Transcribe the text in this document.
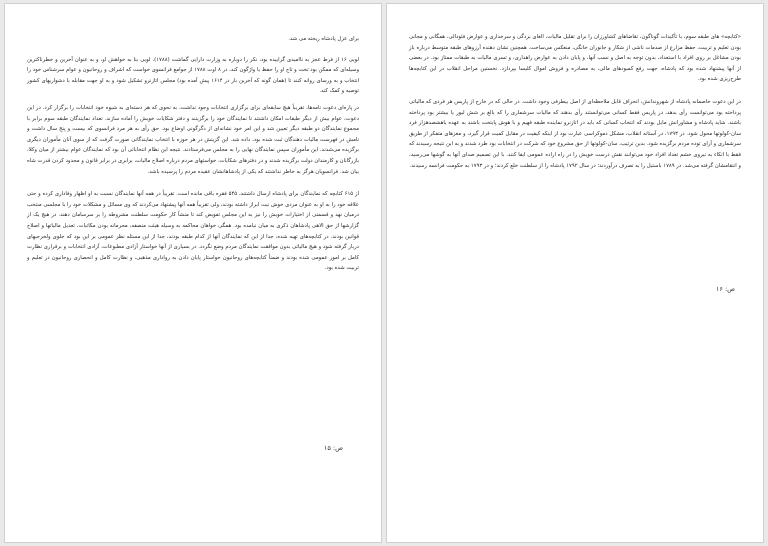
برای عزل پادشاه ریخته می شد.

لویی ۱۶ از فرط عجز به ناامیدی گراییده بود، نکر را دوباره به وزارت دارایی گماشت (۱۷۸۸). لویی بنا به خواهش او، و به عنوان آخرین و خطرناکترین وسیله‌ای که ممکن بود تخت و تاج او را حفظ یا واژگون کند، در ۸ اوت ۱۷۸۸ از جوامع فرانسوی خواست که اشراف و روحانیون و عوام سرشناس خود را انتخاب و به ورسای روانه کنند تا (همان گونه که آخرین بار در ۱۶۱۴ پیش آمده بود) مجلس اتازنرو تشکیل شود و به او جهت مقابله با دشواریهای کشور توصیه و کمک کند.

در پاره‌ای دعوت نامه‌ها، تقریباً هیچ سابقه‌ای برای برگزاری انتخابات وجود نداشت، به نحوی که هر دسته‌ای به شیوه خود انتخابات را برگزار کرد. در این دعوت، عوام بیش از دیگر طبقات امکان داشتند تا نمایندگان خود را برگزینند و دفتر شکایات خویش را آماده سازند. تعداد نمایندگان طبقه سوم برابر با مجموع نمایندگان دو طبقه دیگر تعیین شد و این امر خود نشانه‌ای از دگرگونی اوضاع بود. حق رأی به هر مرد فرانسوی که بیست و پنج سال داشت و نامش در فهرست مالیات دهندگان ثبت شده بود، داده شد. این گزینش در هر حوزه با انتخاب نمایندگانی صورت گرفت که از سوی آنان مأموران دیگری برگزیده می‌شدند. این مأموران سپس نمایندگان نهایی را به مجلس می‌فرستادند. نتیجه این نظام انتخاباتی آن بود که نمایندگان عوام بیشتر از میان وکلا، بازرگانان و کارمندان دولت برگزیده شدند و در دفترهای شکایات، خواستهای مردم درباره اصلاح مالیات، برابری در برابر قانون و محدود کردن قدرت شاه بیان شد. فرانسویان هرگز به خاطر نداشتند که یکی از پادشاهانشان عقیده مردم را پرسیده باشد.

از ۶۱۵ کتابچه که نمایندگان برای پادشاه ارسال داشتند، ۵۴۵ فقره باقی مانده است. تقریباً در همه آنها نمایندگان نسبت به او اظهار وفاداری کرده و حتی علاقه خود را به او به عنوان مردی خوش نیت ابراز داشته بودند، ولی تقریباً همه آنها پیشنهاد می‌کردند که وی مسائل و مشکلات خود را با مجلسی منتخب درمیان نهد و قسمتی از اختیارات خویش را نیز به این مجلس تفویض کند تا منشاً کار حکومت سلطنت مشروطه را بر سرسامان دهند. در هیچ یک از گزارشها از حق الاهی پادشاهان ذکری به میان نیامده بود. همگی خواهان محاکمه به وسیله هیئت منصفه، محرمانه بودن مکاتبات، تعدیل مالیاتها و اصلاح قوانین بودند. در کتابچه‌های تهیه شده، جدا از این که نمایندگان آنها از کدام طبقه بودند، جدا از این مسئله نظر عمومی بر این بود که جلوی ولخرجیهای دربار گرفته شود و هیچ مالیاتی بدون موافقت نمایندگان مردم وضع نگردد. در بسیاری از آنها خواستار آزادی مطبوعات، آزادی انتخابات و برقراری نظارت کامل بر امور عمومی شده بودند و ضمناً کتابچه‌های روحانیون خواستار پایان دادن به رواداری مذهبی، و نظارت کامل و انحصاری روحانیون در تعلیم و تربیت شده بود.

ص: ۱۵

«کتابچه» های طبقه سوم، با تأکیدات گوناگون، تقاضاهای کشاورزان را برای تقلیل مالیات، الغای بردگی و سرخداری و عوارض فئودالی، همگانی و مجانی بودن تعلیم و تربیت، حفظ مزارع از صدمات ناشی از شکار و جانوران خانگی، منعکس می‌ساخت. همچنین نشان دهنده آرزوهای طبقه متوسط درباره باز بودن مشاغل بر روی افراد با استعداد، بدون توجه به اصل و نسب آنها، و پایان دادن به عوارض راهداری، و تسری مالیات به طبقات ممتاز بود. در بعضی از آنها پیشنهاد شده بود که پادشاه، جهت رفع کمبودهای مالی، به مصادره و فروش اموال کلیسا بپردازد. نخستین مراحل انقلاب در این کتابچه‌ها طرح‌ریزی شده بود.

در این دعوت خاصمانه پادشاه از شهروندانش، انحراف قابل ملاحظه‌ای از اصل بیطرفی وجود داشت. در حالی که در خارج از پاریس هر فردی که مالیاتی پرداخته بود می‌توانست رأی بدهد، در پاریس فقط کسانی می‌توانستند رأی بدهند که مالیات سرشماری را که بالغ بر شش لیور یا بیشتر بود پرداخته باشند. شاید پادشاه و مشاورانش مایل بودند که انتخاب کسانی که باید در اتازنرو نماینده طبقه فهیم و با هوش پایتخت باشند به عهده یاهشصدهزار فرد سان-کولوتها محول شود. در ۱۷۹۳، در آستانه انقلاب، مشکل دموکراسی عبارت بود از اینکه کیفیت در مقابل کمیت قرار گیرد، و مغزهای متفکر از طریق سرشماری و آرای توده مردم برگزیده شود. بدین ترتیب، سان-کولوتها از حق مشروع خود که شرکت در انتخابات بود طرد شدند و به این نتیجه رسیدند که فقط با اتکاء به نیروی خشم تعداد افراد خود می‌توانند نقش درست خویش را در راه اراده عمومی ایفا کنند. با این تصمیم صدای آنها به گوشها می‌رسید، و انتقامشان گرفته می‌شد. در ۱۷۸۹ باستیل را به تصرف درآوردند؛ در سال ۱۷۹۲ پادشاه را از سلطنت خلع کردند؛ و در ۱۷۹۳ به حکومت فرانسه رسیدند.

ص: ۱۶
